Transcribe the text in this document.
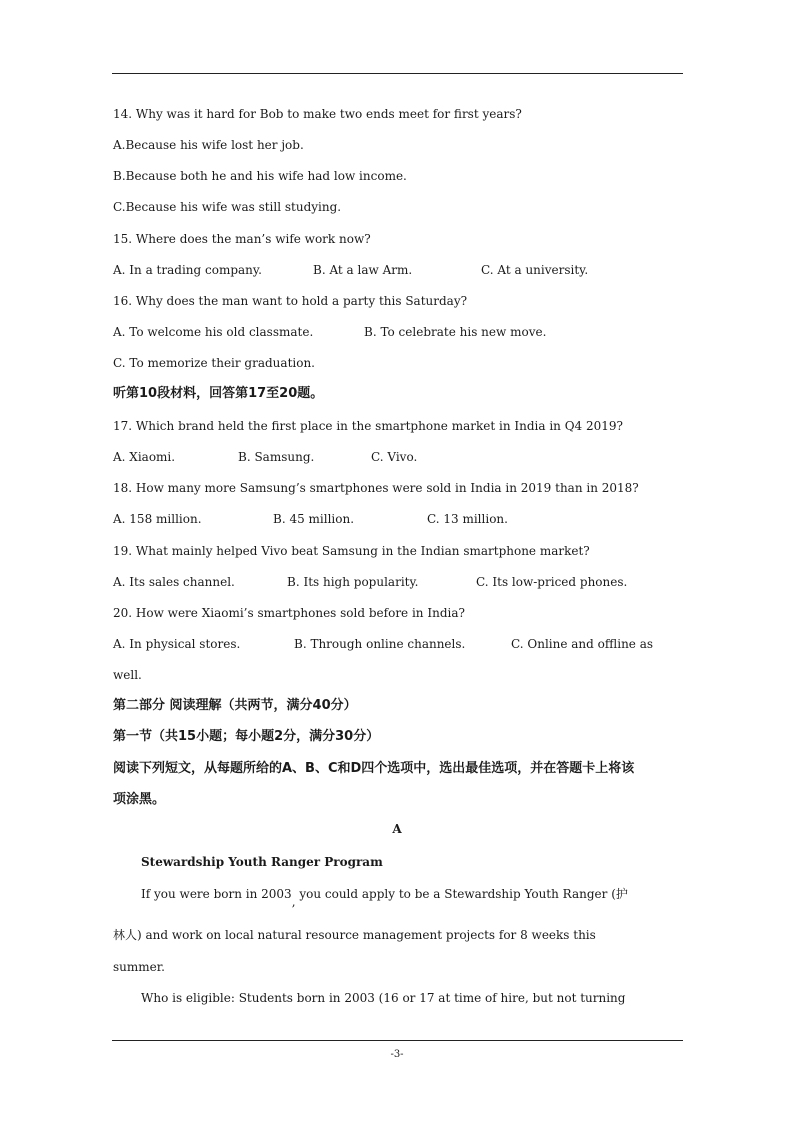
14. Why was it hard for Bob to make two ends meet for first years?
A.Because his wife lost her job.
B.Because both he and his wife had low income.
C.Because his wife was still studying.
15. Where does the man’s wife work now?
A. In a trading company.	B. At a law Arm.	C. At a university.
16. Why does the man want to hold a party this Saturday?
A. To welcome his old classmate.	B. To celebrate his new move.
C. To memorize their graduation.
听第10段材料，回答第17至20题。
17. Which brand held the first place in the smartphone market in India in Q4 2019?
A. Xiaomi.	B. Samsung.	C. Vivo.
18. How many more Samsung’s smartphones were sold in India in 2019 than in 2018?
A. 158 million.	B. 45 million.	C. 13 million.
19. What mainly helped Vivo beat Samsung in the Indian smartphone market?
A. Its sales channel.	B. Its high popularity.	C. Its low-priced phones.
20. How were Xiaomi’s smartphones sold before in India?
A. In physical stores.	B. Through online channels.	C. Online and offline as
well.
第二部分 阅读理解（共两节，满分40分）
第一节（共15小题；每小题2分，满分30分）
阅读下列短文，从每题所给的A、B、C和D四个选项中，选出最佳选项，并在答题卡上将该
项涂黑。
A
Stewardship Youth Ranger Program
If you were born in 2003, you could apply to be a Stewardship Youth Ranger (护
林人) and work on local natural resource management projects for 8 weeks this
summer.
Who is eligible: Students born in 2003 (16 or 17 at time of hire, but not turning
-3-
